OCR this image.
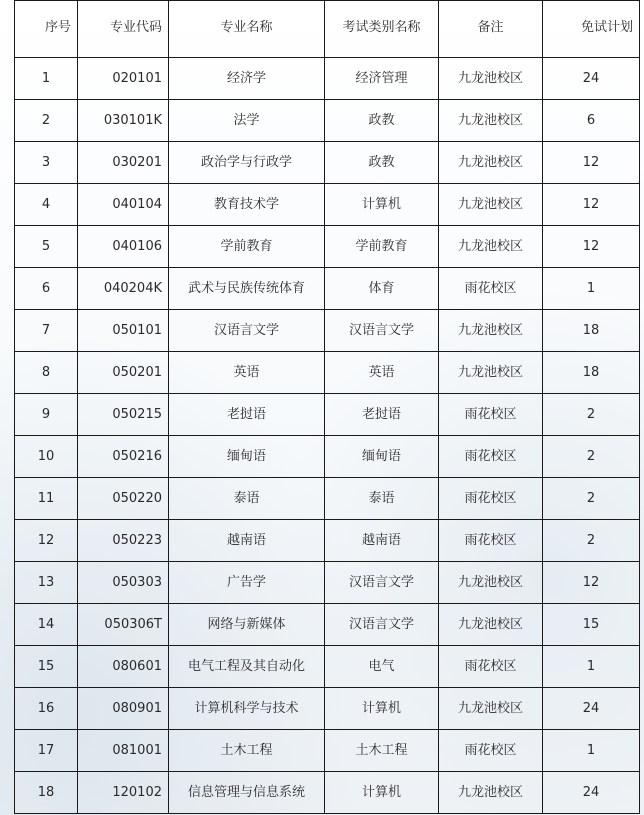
序号	专业代码	专业名称	考试类别名称	备注	免试计划
1	020101	经济学	经济管理	九龙池校区	24
2	030101K	法学	政教	九龙池校区	6
3	030201	政治学与行政学	政教	九龙池校区	12
4	040104	教育技术学	计算机	九龙池校区	12
5	040106	学前教育	学前教育	九龙池校区	12
6	040204K	武术与民族传统体育	体育	雨花校区	1
7	050101	汉语言文学	汉语言文学	九龙池校区	18
8	050201	英语	英语	九龙池校区	18
9	050215	老挝语	老挝语	雨花校区	2
10	050216	缅甸语	缅甸语	雨花校区	2
11	050220	泰语	泰语	雨花校区	2
12	050223	越南语	越南语	雨花校区	2
13	050303	广告学	汉语言文学	九龙池校区	12
14	050306T	网络与新媒体	汉语言文学	九龙池校区	15
15	080601	电气工程及其自动化	电气	雨花校区	1
16	080901	计算机科学与技术	计算机	九龙池校区	24
17	081001	土木工程	土木工程	雨花校区	1
18	120102	信息管理与信息系统	计算机	九龙池校区	24
